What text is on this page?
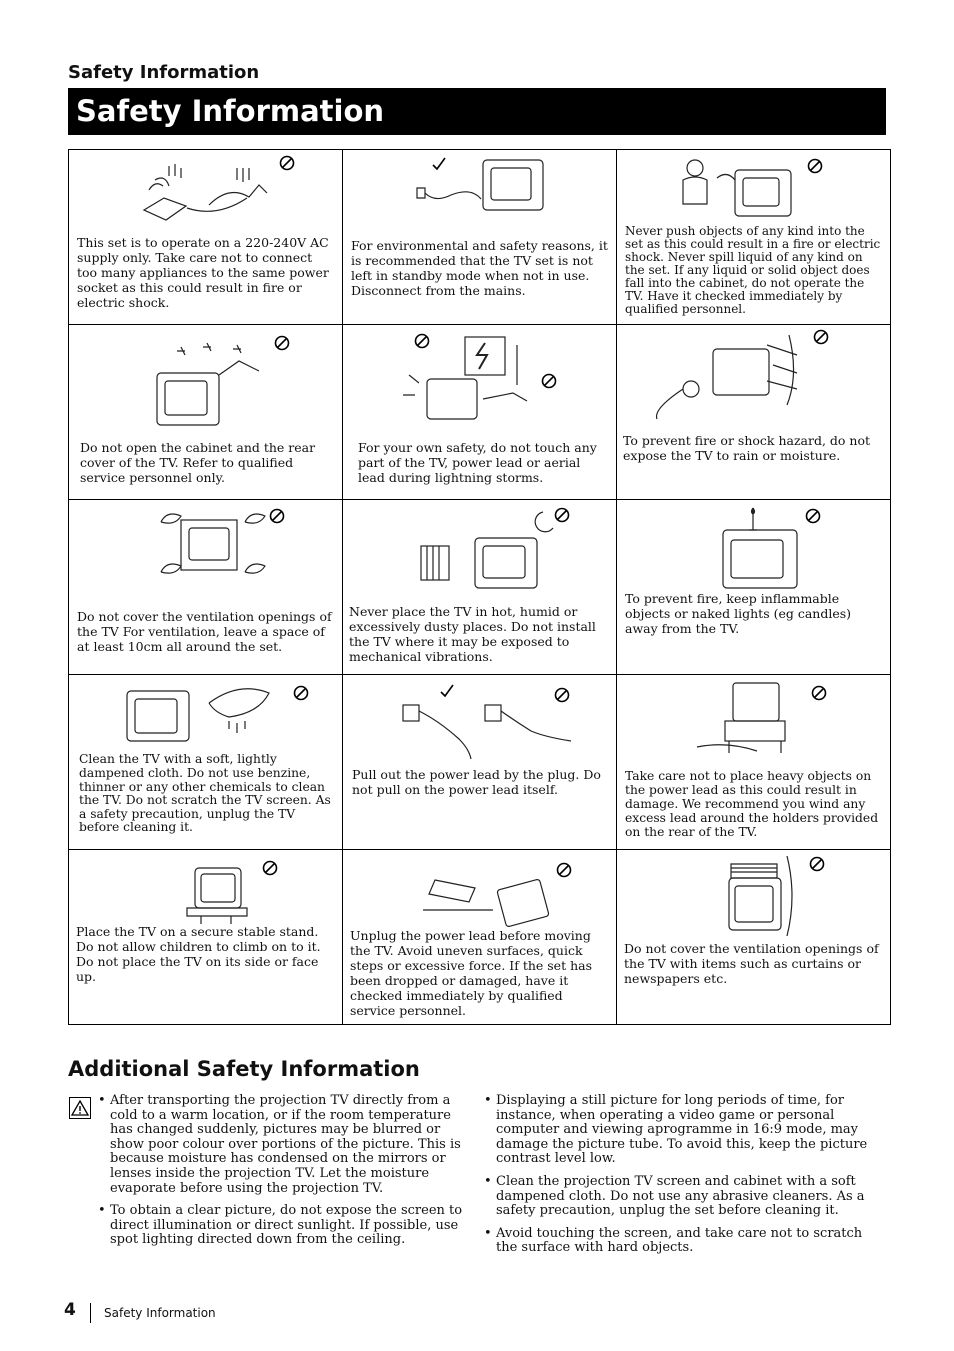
Safety Information
Safety Information
This set is to operate on a 220-240V AC supply only. Take care not to connect too many appliances to the same power socket as this could result in fire or electric shock.	For environmental and safety reasons, it is recommended that the TV set is not left in standby mode when not in use. Disconnect from the mains.	Never push objects of any kind into the set as this could result in a fire or electric shock. Never spill liquid of any kind on the set. If any liquid or solid object does fall into the cabinet, do not operate the TV. Have it checked immediately by qualified personnel.

Do not open the cabinet and the rear cover of the TV. Refer to qualified service personnel only.	For your own safety, do not touch any part of the TV, power lead or aerial lead during lightning storms.	To prevent fire or shock hazard, do not expose the TV to rain or moisture.

Do not cover the ventilation openings of the TV For ventilation, leave a space of at least 10cm all around the set.	Never place the TV in hot, humid or excessively dusty places. Do not install the TV where it may be exposed to mechanical vibrations.	To prevent fire, keep inflammable objects or naked lights (eg candles) away from the TV.

Clean the TV with a soft, lightly dampened cloth. Do not use benzine, thinner or any other chemicals to clean the TV. Do not scratch the TV screen. As a safety precaution, unplug the TV before cleaning it.	Pull out the power lead by the plug. Do not pull on the power lead itself.	Take care not to place heavy objects on the power lead as this could result in damage. We recommend you wind any excess lead around the holders provided on the rear of the TV.

Place the TV on a secure stable stand. Do not allow children to climb on to it. Do not place the TV on its side or face up.	Unplug the power lead before moving the TV. Avoid uneven surfaces, quick steps or excessive force. If the set has been dropped or damaged, have it checked immediately by qualified service personnel.	Do not cover the ventilation openings of the TV with items such as curtains or newspapers etc.
Additional Safety Information
• After transporting the projection TV directly from a cold to a warm location, or if the room temperature has changed suddenly, pictures may be blurred or show poor colour over portions of the picture. This is because moisture has condensed on the mirrors or lenses inside the projection TV. Let the moisture evaporate before using the projection TV.
• To obtain a clear picture, do not expose the screen to direct illumination or direct sunlight. If possible, use spot lighting directed down from the ceiling.
• Displaying a still picture for long periods of time, for instance, when operating a video game or personal computer and viewing aprogramme in 16:9 mode, may damage the picture tube. To avoid this, keep the picture contrast level low.
• Clean the projection TV screen and cabinet with a soft dampened cloth. Do not use any abrasive cleaners. As a safety precaution, unplug the set before cleaning it.
• Avoid touching the screen, and take care not to scratch the surface with hard objects.
4 Safety Information
